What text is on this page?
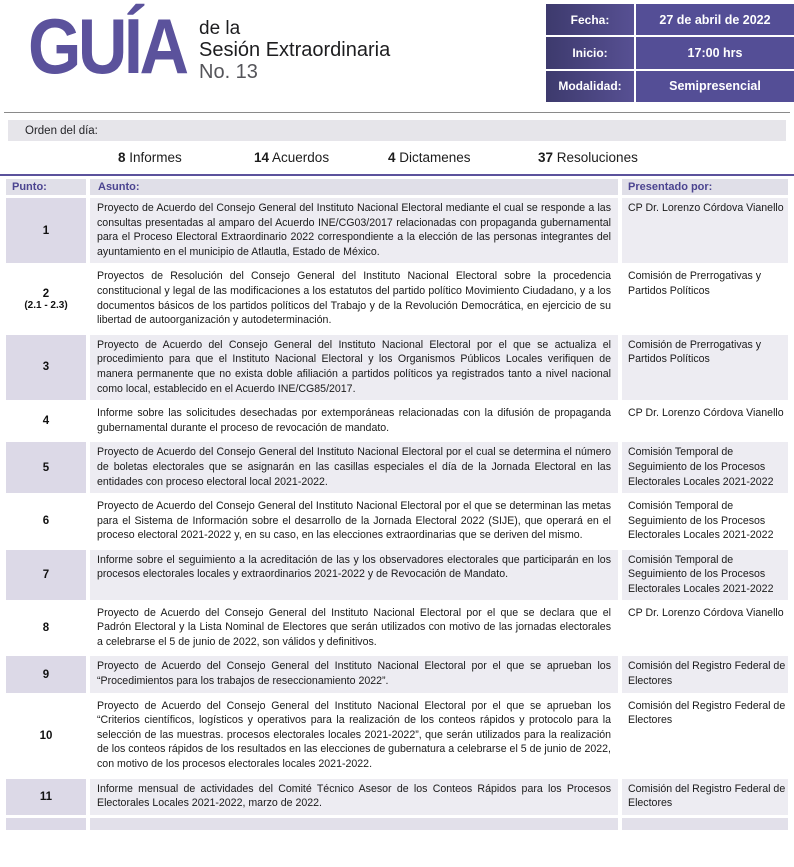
GUÍA de la
Sesión Extraordinaria
No. 13
Fecha:	27 de abril de 2022
Inicio:	17:00 hrs
Modalidad:	Semipresencial
Orden del día:
8 Informes	14 Acuerdos	4 Dictamenes	37 Resoluciones
Punto:	Asunto:	Presentado por:

1	Proyecto de Acuerdo del Consejo General del Instituto Nacional Electoral mediante el cual se responde a las consultas presentadas al amparo del Acuerdo INE/CG03/2017 relacionadas con propaganda gubernamental para el Proceso Electoral Extraordinario 2022 correspondiente a la elección de las personas integrantes del ayuntamiento en el municipio de Atlautla, Estado de México.	CP Dr. Lorenzo Córdova Vianello

2
(2.1 - 2.3)	Proyectos de Resolución del Consejo General del Instituto Nacional Electoral sobre la procedencia constitucional y legal de las modificaciones a los estatutos del partido político Movimiento Ciudadano, y a los documentos básicos de los partidos políticos del Trabajo y de la Revolución Democrática, en ejercicio de su libertad de autoorganización y autodeterminación.	Comisión de Prerrogativas y Partidos Políticos

3	Proyecto de Acuerdo del Consejo General del Instituto Nacional Electoral por el que se actualiza el procedimiento para que el Instituto Nacional Electoral y los Organismos Públicos Locales verifiquen de manera permanente que no exista doble afiliación a partidos políticos ya registrados tanto a nivel nacional como local, establecido en el Acuerdo INE/CG85/2017.	Comisión de Prerrogativas y Partidos Políticos

4	Informe sobre las solicitudes desechadas por extemporáneas relacionadas con la difusión de propaganda gubernamental durante el proceso de revocación de mandato.	CP Dr. Lorenzo Córdova Vianello

5	Proyecto de Acuerdo del Consejo General del Instituto Nacional Electoral por el cual se determina el número de boletas electorales que se asignarán en las casillas especiales el día de la Jornada Electoral en las entidades con proceso electoral local 2021-2022.	Comisión Temporal de Seguimiento de los Procesos Electorales Locales 2021-2022

6	Proyecto de Acuerdo del Consejo General del Instituto Nacional Electoral por el que se determinan las metas para el Sistema de Información sobre el desarrollo de la Jornada Electoral 2022 (SIJE), que operará en el proceso electoral 2021-2022 y, en su caso, en las elecciones extraordinarias que se deriven del mismo.	Comisión Temporal de Seguimiento de los Procesos Electorales Locales 2021-2022

7	Informe sobre el seguimiento a la acreditación de las y los observadores electorales que participarán en los procesos electorales locales y extraordinarios 2021-2022 y de Revocación de Mandato.	Comisión Temporal de Seguimiento de los Procesos Electorales Locales 2021-2022

8	Proyecto de Acuerdo del Consejo General del Instituto Nacional Electoral por el que se declara que el Padrón Electoral y la Lista Nominal de Electores que serán utilizados con motivo de las jornadas electorales a celebrarse el 5 de junio de 2022, son válidos y definitivos.	CP Dr. Lorenzo Córdova Vianello

9	Proyecto de Acuerdo del Consejo General del Instituto Nacional Electoral por el que se aprueban los “Procedimientos para los trabajos de reseccionamiento 2022”.	Comisión del Registro Federal de Electores

10	Proyecto de Acuerdo del Consejo General del Instituto Nacional Electoral por el que se aprueban los “Criterios científicos, logísticos y operativos para la realización de los conteos rápidos y protocolo para la selección de las muestras. procesos electorales locales 2021-2022”, que serán utilizados para la realización de los conteos rápidos de los resultados en las elecciones de gubernatura a celebrarse el 5 de junio de 2022, con motivo de los procesos electorales locales 2021-2022.	Comisión del Registro Federal de Electores

11	Informe mensual de actividades del Comité Técnico Asesor de los Conteos Rápidos para los Procesos Electorales Locales 2021-2022, marzo de 2022.	Comisión del Registro Federal de Electores
